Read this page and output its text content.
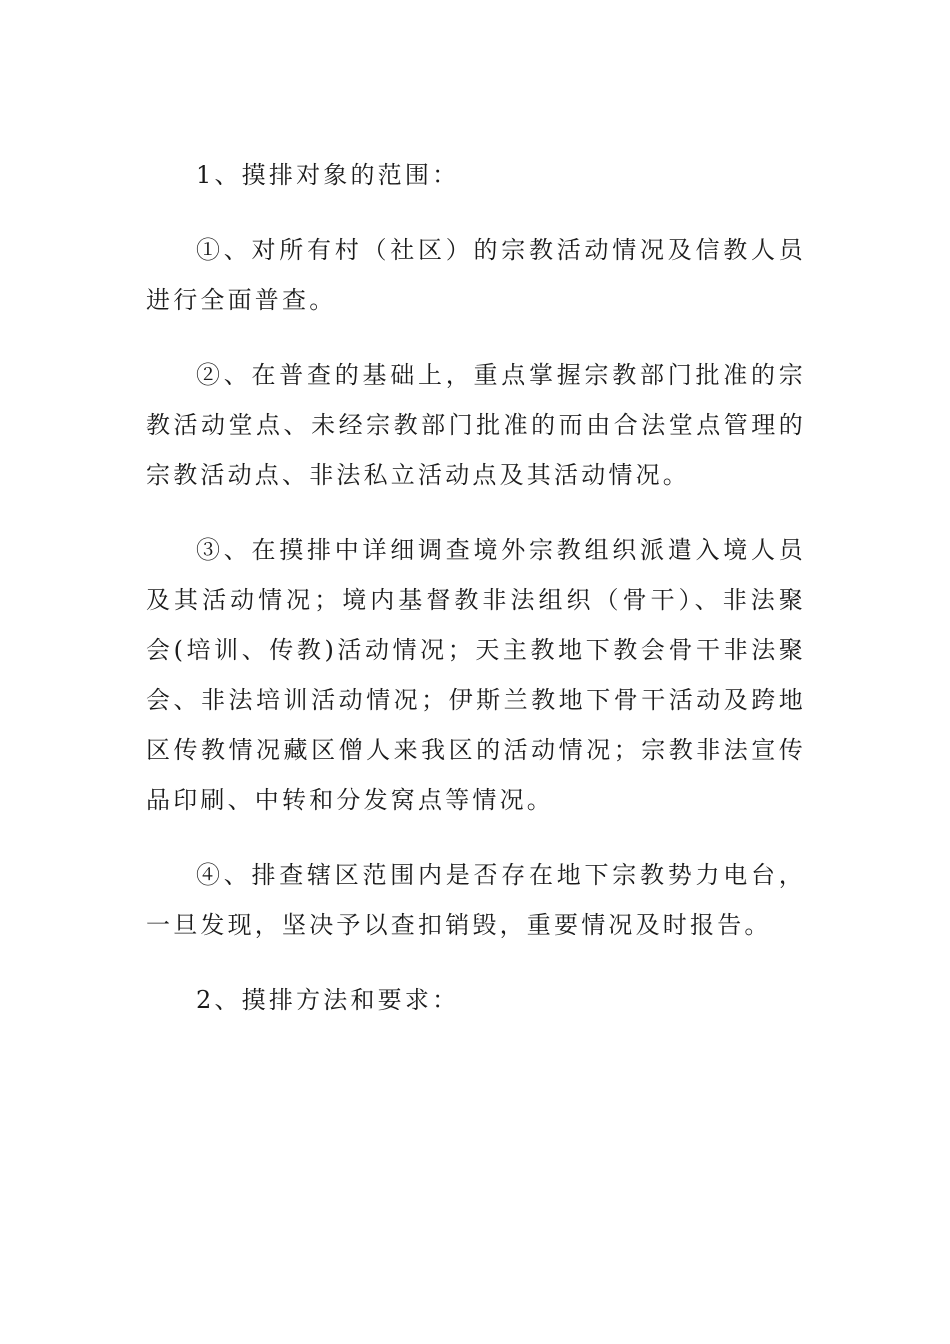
1、摸排对象的范围：

①、对所有村（社区）的宗教活动情况及信教人员进行全面普查。

②、在普查的基础上，重点掌握宗教部门批准的宗教活动堂点、未经宗教部门批准的而由合法堂点管理的宗教活动点、非法私立活动点及其活动情况。

③、在摸排中详细调查境外宗教组织派遣入境人员及其活动情况；境内基督教非法组织（骨干）、非法聚会(培训、传教)活动情况；天主教地下教会骨干非法聚会、非法培训活动情况；伊斯兰教地下骨干活动及跨地区传教情况藏区僧人来我区的活动情况；宗教非法宣传品印刷、中转和分发窝点等情况。

④、排查辖区范围内是否存在地下宗教势力电台，一旦发现，坚决予以查扣销毁，重要情况及时报告。

2、摸排方法和要求：
